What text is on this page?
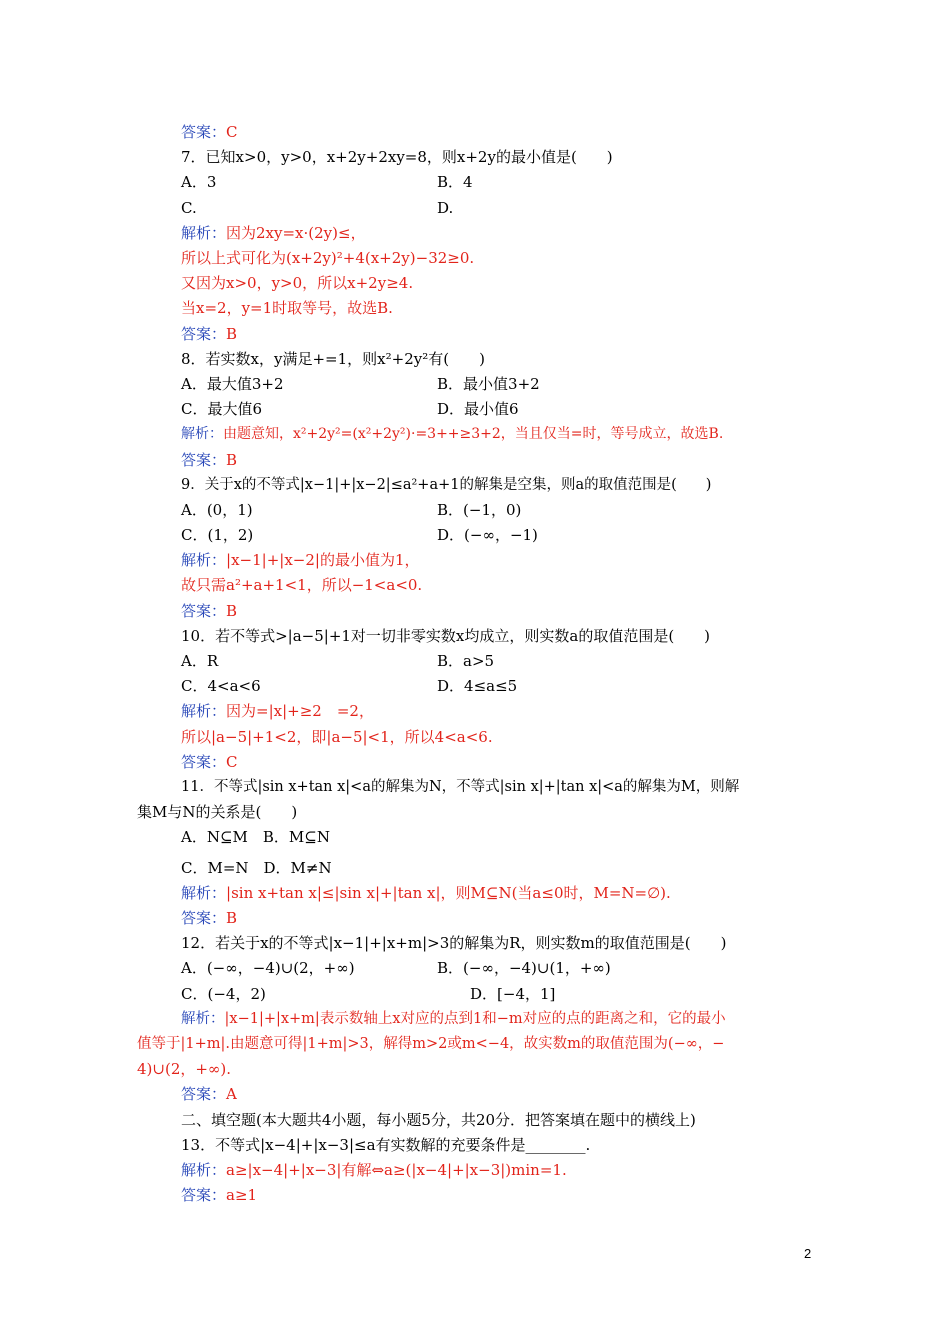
答案：C
7．已知x>0，y>0，x+2y+2xy=8，则x+2y的最小值是(　　)
A．3	B．4
C.	D.
解析：因为2xy=x·(2y)≤，
所以上式可化为(x+2y)²+4(x+2y)−32≥0.
又因为x>0，y>0，所以x+2y≥4.
当x=2，y=1时取等号，故选B.
答案：B
8．若实数x，y满足+=1，则x²+2y²有(　　)
A．最大值3+2	B．最小值3+2
C．最大值6	D．最小值6
解析：由题意知，x²+2y²=(x²+2y²)·=3++≥3+2，当且仅当=时，等号成立，故选B.
答案：B
9．关于x的不等式|x−1|+|x−2|≤a²+a+1的解集是空集，则a的取值范围是(　　)
A．(0，1)	B．(−1，0)
C．(1，2)	D．(−∞，−1)
解析：|x−1|+|x−2|的最小值为1，
故只需a²+a+1<1，所以−1<a<0.
答案：B
10．若不等式>|a−5|+1对一切非零实数x均成立，则实数a的取值范围是(　　)
A．R	B．a>5
C．4<a<6	D．4≤a≤5
解析：因为=|x|+≥2　=2，
所以|a−5|+1<2，即|a−5|<1，所以4<a<6.
答案：C
11．不等式|sin x+tan x|<a的解集为N，不等式|sin x|+|tan x|<a的解集为M，则解
集M与N的关系是(　　)
A．N⊆M　B．M⊆N
C．M=N　D．M≠N
解析：|sin x+tan x|≤|sin x|+|tan x|，则M⊆N(当a≤0时，M=N=∅).
答案：B
12．若关于x的不等式|x−1|+|x+m|>3的解集为R，则实数m的取值范围是(　　)
A．(−∞，−4)∪(2，+∞)	B．(−∞，−4)∪(1，+∞)
C．(−4，2)	D．[−4，1]
解析：|x−1|+|x+m|表示数轴上x对应的点到1和−m对应的点的距离之和，它的最小
值等于|1+m|.由题意可得|1+m|>3，解得m>2或m<−4，故实数m的取值范围为(−∞，−
4)∪(2，+∞).
答案：A
二、填空题(本大题共4小题，每小题5分，共20分．把答案填在题中的横线上)
13．不等式|x−4|+|x−3|≤a有实数解的充要条件是________.
解析：a≥|x−4|+|x−3|有解⇔a≥(|x−4|+|x−3|)min=1.
答案：a≥1
2
